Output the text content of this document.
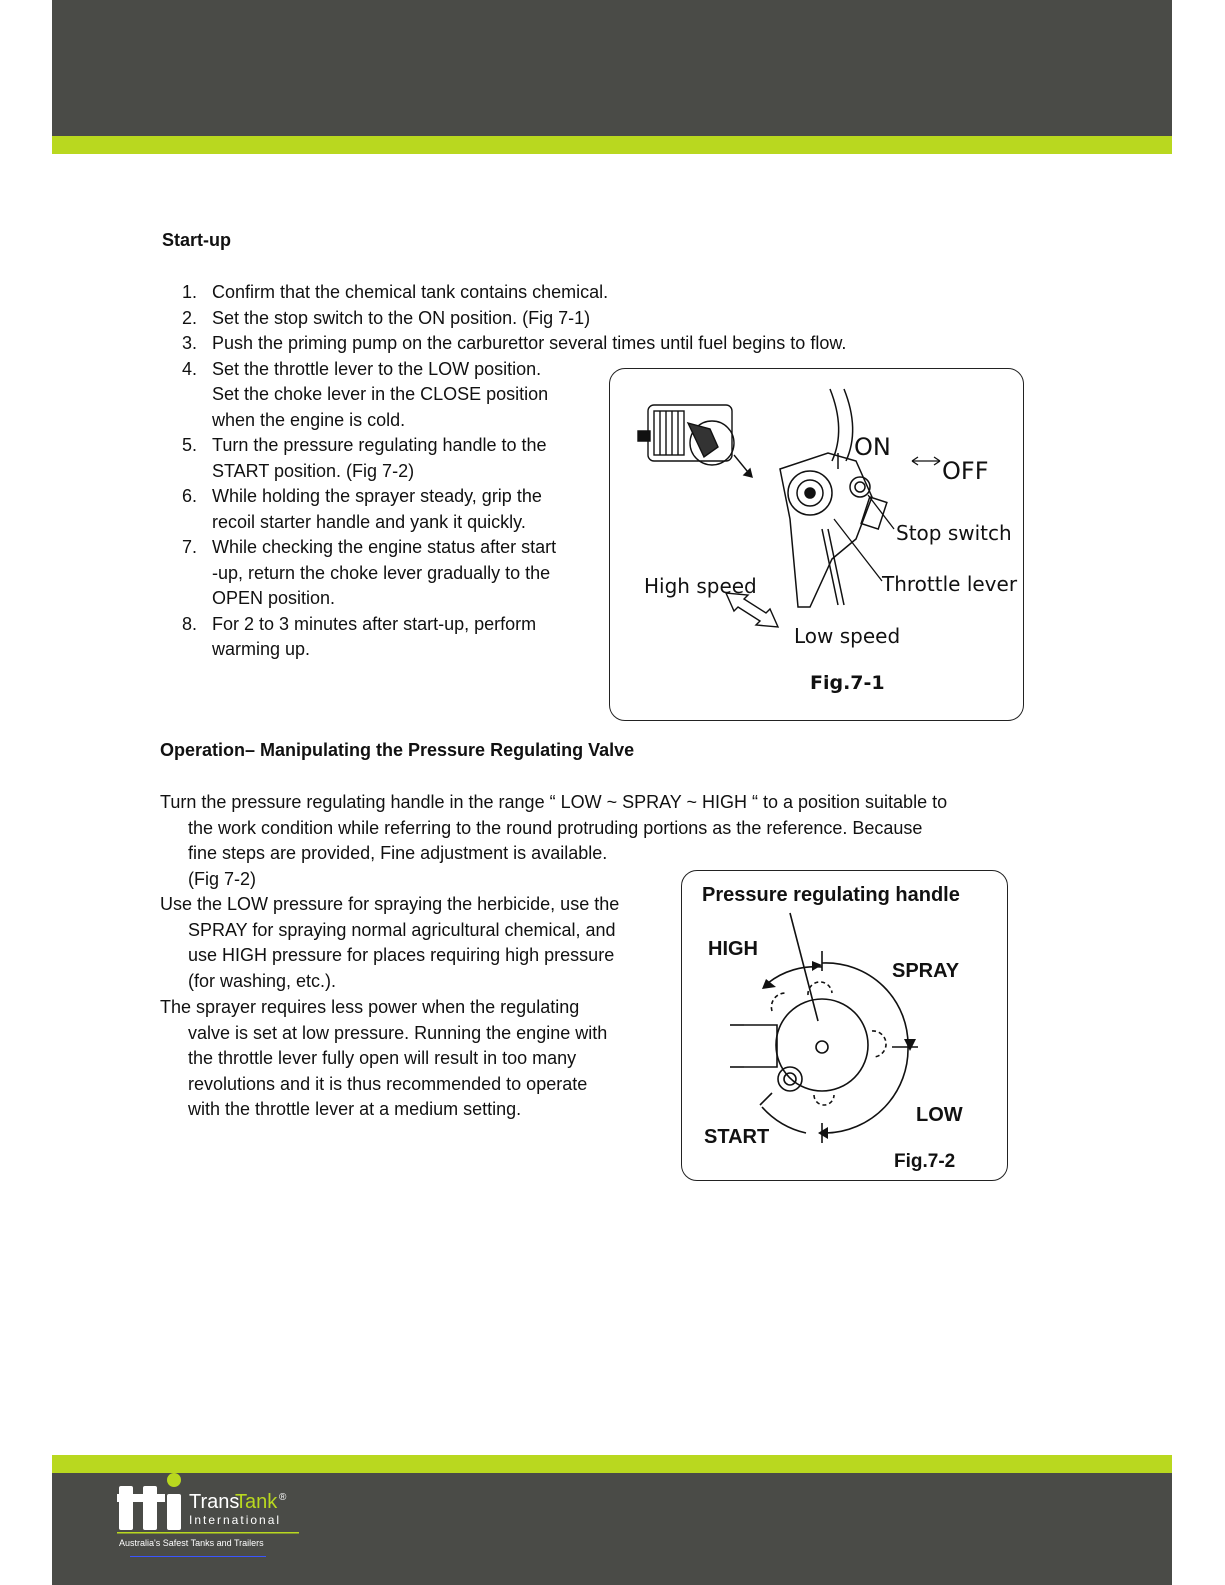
Start-up
1. Confirm that the chemical tank contains chemical.
2. Set the stop switch to the ON position. (Fig 7-1)
3. Push the priming pump on the carburettor several times until fuel begins to flow.
4. Set the throttle lever to the LOW position.
Set the choke lever in the CLOSE position
when the engine is cold.
5. Turn the pressure regulating handle to the
START position. (Fig 7-2)
6. While holding the sprayer steady, grip the
recoil starter handle and yank it quickly.
7. While checking the engine status after start
-up, return the choke lever gradually to the
OPEN position.
8. For 2 to 3 minutes after start-up, perform
warming up.
ON
OFF
Stop switch
Throttle lever
High speed
Low speed
Fig.7-1
Operation– Manipulating the Pressure Regulating Valve
Turn the pressure regulating handle in the range “ LOW ~ SPRAY ~ HIGH “ to a position suitable to
the work condition while referring to the round protruding portions as the reference. Because
fine steps are provided, Fine adjustment is available.
(Fig 7-2)
Use the LOW pressure for spraying the herbicide, use the
SPRAY for spraying normal agricultural chemical, and
use HIGH pressure for places requiring high pressure
(for washing, etc.).
The sprayer requires less power when the regulating
valve is set at low pressure. Running the engine with
the throttle lever fully open will result in too many
revolutions and it is thus recommended to operate
with the throttle lever at a medium setting.
Pressure regulating handle
HIGH
SPRAY
LOW
START
Fig.7-2
Trans
Tank ®
International
Australia's Safest Tanks and Trailers
